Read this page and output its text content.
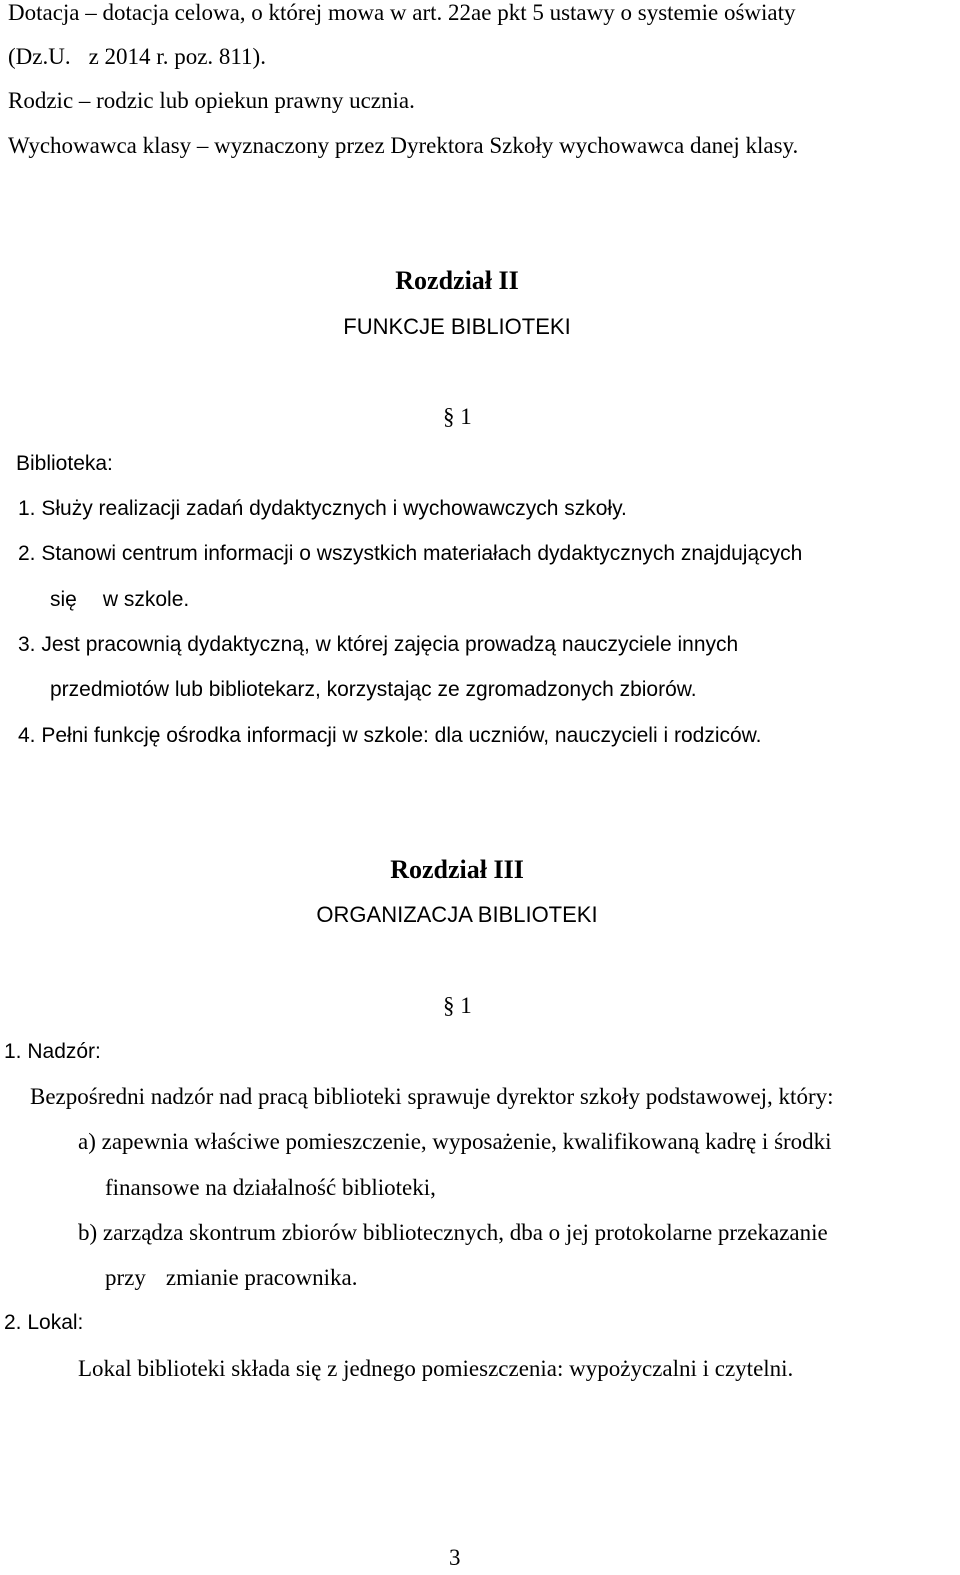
Dotacja – dotacja celowa, o której mowa w art. 22ae pkt 5 ustawy o systemie oświaty
(Dz.U. z 2014 r. poz. 811).
Rodzic – rodzic lub opiekun prawny ucznia.
Wychowawca klasy – wyznaczony przez Dyrektora Szkoły wychowawca danej klasy.
Rozdział II
FUNKCJE BIBLIOTEKI
§ 1
Biblioteka:
1. Służy realizacji zadań dydaktycznych i wychowawczych szkoły.
2. Stanowi centrum informacji o wszystkich materiałach dydaktycznych znajdujących
się w szkole.
3. Jest pracownią dydaktyczną, w której zajęcia prowadzą nauczyciele innych
przedmiotów lub bibliotekarz, korzystając ze zgromadzonych zbiorów.
4. Pełni funkcję ośrodka informacji w szkole: dla uczniów, nauczycieli i rodziców.
Rozdział III
ORGANIZACJA BIBLIOTEKI
§ 1
1. Nadzór:
Bezpośredni nadzór nad pracą biblioteki sprawuje dyrektor szkoły podstawowej, który:
a) zapewnia właściwe pomieszczenie, wyposażenie, kwalifikowaną kadrę i środki
finansowe na działalność biblioteki,
b) zarządza skontrum zbiorów bibliotecznych, dba o jej protokolarne przekazanie
przy zmianie pracownika.
2. Lokal:
Lokal biblioteki składa się z jednego pomieszczenia: wypożyczalni i czytelni.
3
